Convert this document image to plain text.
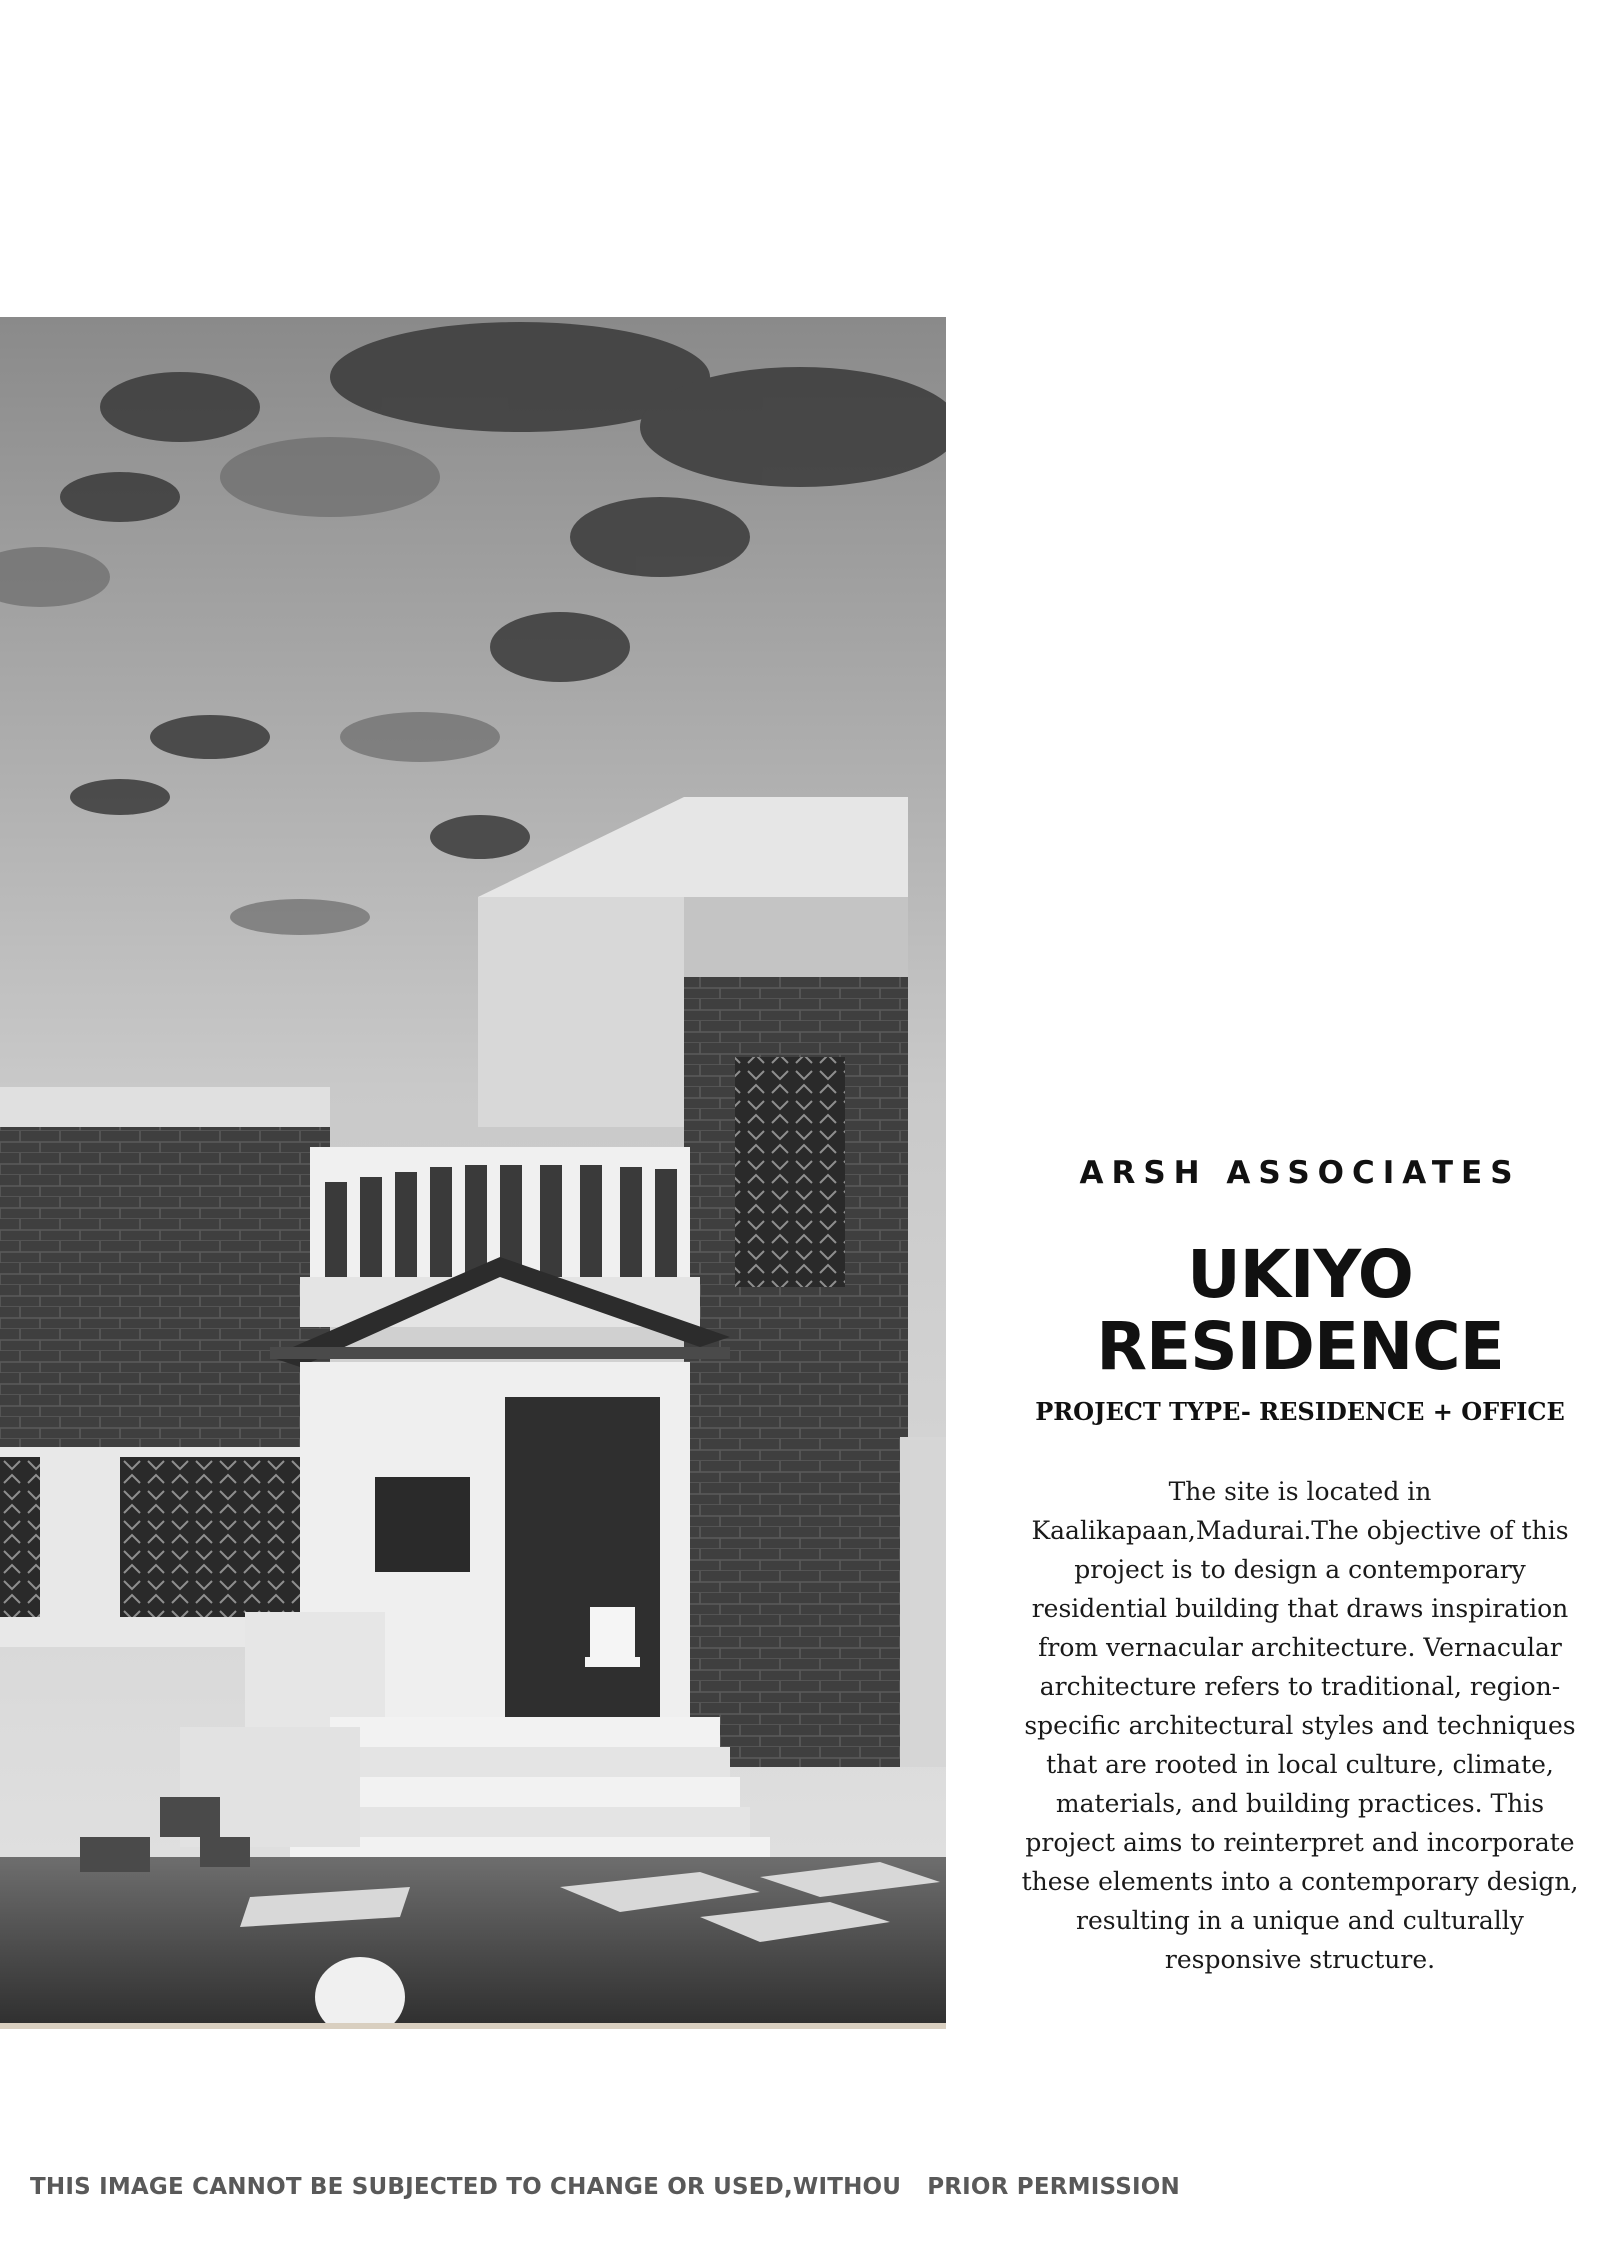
ARSH ASSOCIATES
UKIYO
RESIDENCE
PROJECT TYPE- RESIDENCE + OFFICE

The site is located in Kaalikapaan,Madurai.The objective of this project is to design a contemporary residential building that draws inspiration from vernacular architecture. Vernacular architecture refers to traditional, region-specific architectural styles and techniques that are rooted in local culture, climate, materials, and building practices. This project aims to reinterpret and incorporate these elements into a contemporary design, resulting in a unique and culturally responsive structure.

THIS IMAGE CANNOT BE SUBJECTED TO CHANGE OR USED,WITHOU PRIOR PERMISSION
